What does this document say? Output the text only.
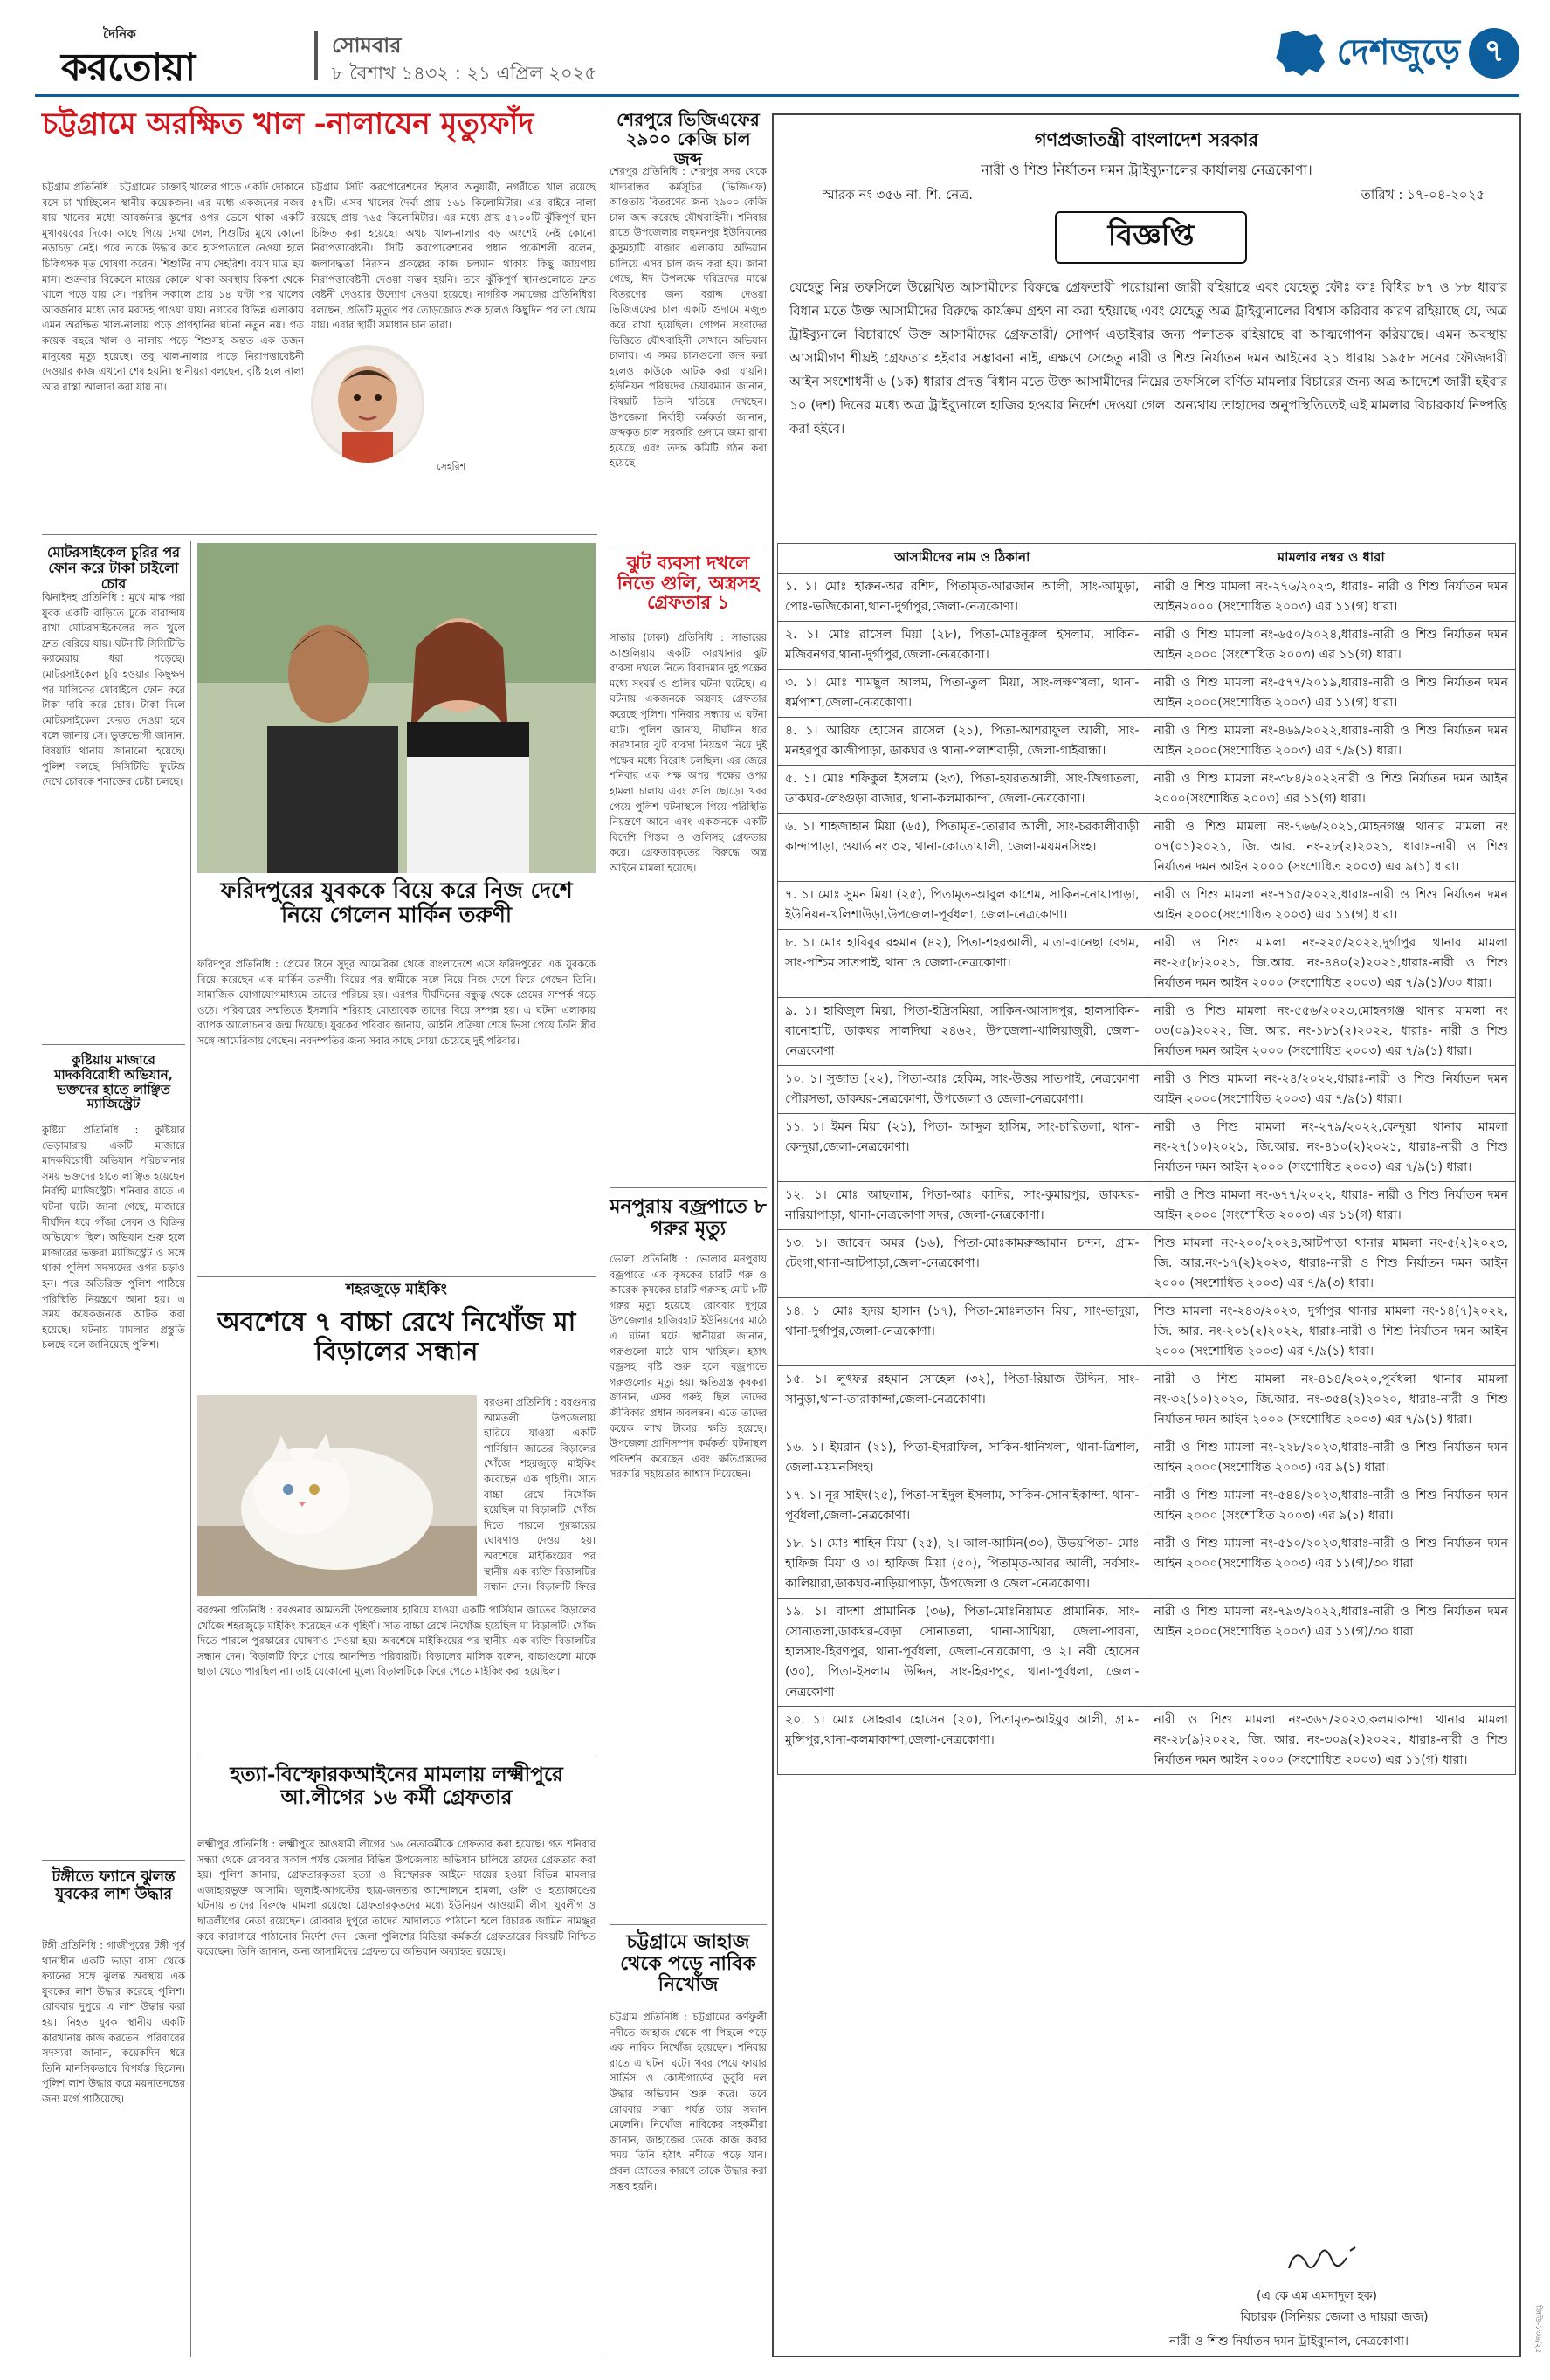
দৈনিক
করতোয়া	সোমবার
৮ বৈশাখ ১৪৩২ : ২১ এপ্রিল ২০২৫
দেশজুড়ে ৭
চট্টগ্রামে অরক্ষিত খাল -নালাযেন মৃত্যুফাঁদ
চট্টগ্রাম প্রতিনিধি : চট্টগ্রামের চাক্তাই খালের পাড়ে একটি দোকানে বসে চা খাচ্ছিলেন স্থানীয় কয়েকজন। এর মধ্যে একজনের নজর যায় খালের মধ্যে আবর্জনার স্তূপের ওপর ভেসে থাকা একটি মুখাবয়বের দিকে। কাছে গিয়ে দেখা গেল, শিশুটির মুখে কোনো নড়াচড়া নেই। পরে তাকে উদ্ধার করে হাসপাতালে নেওয়া হলে চিকিৎসক মৃত ঘোষণা করেন। শিশুটির নাম সেহরিশ। বয়স মাত্র ছয় মাস। শুক্রবার বিকেলে মায়ের কোলে থাকা অবস্থায় রিকশা থেকে খালে পড়ে যায় সে। পরদিন সকালে প্রায় ১৪ ঘণ্টা পর খালের আবর্জনার মধ্যে তার মরদেহ পাওয়া যায়। নগরের বিভিন্ন এলাকায় এমন অরক্ষিত খাল-নালায় পড়ে প্রাণহানির ঘটনা নতুন নয়। গত কয়েক বছরে খাল ও নালায় পড়ে শিশুসহ অন্তত এক ডজন মানুষের মৃত্যু হয়েছে। তবু খাল-নালার পাড়ে নিরাপত্তাবেষ্টনী দেওয়ার কাজ এখনো শেষ হয়নি। স্থানীয়রা বলছেন, বৃষ্টি হলে নালা আর রাস্তা আলাদা করা যায় না।
চট্টগ্রাম সিটি করপোরেশনের হিসাব অনুযায়ী, নগরীতে খাল রয়েছে ৫৭টি। এসব খালের দৈর্ঘ্য প্রায় ১৬১ কিলোমিটার। এর বাইরে নালা রয়েছে প্রায় ৭৬৫ কিলোমিটার। এর মধ্যে প্রায় ৫৭০০টি ঝুঁকিপূর্ণ স্থান চিহ্নিত করা হয়েছে। অথচ খাল-নালার বড় অংশেই নেই কোনো নিরাপত্তাবেষ্টনী। সিটি করপোরেশনের প্রধান প্রকৌশলী বলেন, জলাবদ্ধতা নিরসন প্রকল্পের কাজ চলমান থাকায় কিছু জায়গায় নিরাপত্তাবেষ্টনী দেওয়া সম্ভব হয়নি। তবে ঝুঁকিপূর্ণ স্থানগুলোতে দ্রুত বেষ্টনী দেওয়ার উদ্যোগ নেওয়া হয়েছে। নাগরিক সমাজের প্রতিনিধিরা বলছেন, প্রতিটি মৃত্যুর পর তোড়জোড় শুরু হলেও কিছুদিন পর তা থেমে যায়। এবার স্থায়ী সমাধান চান তারা।
সেহরিশ
শেরপুরে ভিজিএফের ২৯০০ কেজি চাল জব্দ
শেরপুর প্রতিনিধি : শেরপুর সদর থেকে খাদ্যবান্ধব কর্মসূচির (ভিজিএফ) আওতায় বিতরণের জন্য ২৯০০ কেজি চাল জব্দ করেছে যৌথবাহিনী। শনিবার রাতে উপজেলার লছমনপুর ইউনিয়নের কুসুমহাটি বাজার এলাকায় অভিযান চালিয়ে এসব চাল জব্দ করা হয়। জানা গেছে, ঈদ উপলক্ষে দরিদ্রদের মাঝে বিতরণের জন্য বরাদ্দ দেওয়া ভিজিএফের চাল একটি গুদামে মজুত করে রাখা হয়েছিল। গোপন সংবাদের ভিত্তিতে যৌথবাহিনী সেখানে অভিযান চালায়। এ সময় চালগুলো জব্দ করা হলেও কাউকে আটক করা যায়নি। ইউনিয়ন পরিষদের চেয়ারম্যান জানান, বিষয়টি তিনি খতিয়ে দেখছেন। উপজেলা নির্বাহী কর্মকর্তা জানান, জব্দকৃত চাল সরকারি গুদামে জমা রাখা হয়েছে এবং তদন্ত কমিটি গঠন করা হয়েছে।
মোটরসাইকেল চুরির পর ফোন করে টাকা চাইলো চোর
ঝিনাইদহ প্রতিনিধি : মুখে মাস্ক পরা যুবক একটি বাড়িতে ঢুকে বারান্দায় রাখা মোটরসাইকেলের লক খুলে দ্রুত বেরিয়ে যায়। ঘটনাটি সিসিটিভি ক্যামেরায় ধরা পড়েছে। মোটরসাইকেল চুরি হওয়ার কিছুক্ষণ পর মালিকের মোবাইলে ফোন করে টাকা দাবি করে চোর। টাকা দিলে মোটরসাইকেল ফেরত দেওয়া হবে বলে জানায় সে। ভুক্তভোগী জানান, বিষয়টি থানায় জানানো হয়েছে। পুলিশ বলছে, সিসিটিভি ফুটেজ দেখে চোরকে শনাক্তের চেষ্টা চলছে।
কুষ্টিয়ায় মাজারে মাদকবিরোধী অভিযান, ভক্তদের হাতে লাঞ্ছিত ম্যাজিস্ট্রেট
কুষ্টিয়া প্রতিনিধি : কুষ্টিয়ার ভেড়ামারায় একটি মাজারে মাদকবিরোধী অভিযান পরিচালনার সময় ভক্তদের হাতে লাঞ্ছিত হয়েছেন নির্বাহী ম্যাজিস্ট্রেট। শনিবার রাতে এ ঘটনা ঘটে। জানা গেছে, মাজারে দীর্ঘদিন ধরে গাঁজা সেবন ও বিক্রির অভিযোগ ছিল। অভিযান শুরু হলে মাজারের ভক্তরা ম্যাজিস্ট্রেট ও সঙ্গে থাকা পুলিশ সদস্যদের ওপর চড়াও হন। পরে অতিরিক্ত পুলিশ পাঠিয়ে পরিস্থিতি নিয়ন্ত্রণে আনা হয়। এ সময় কয়েকজনকে আটক করা হয়েছে। ঘটনায় মামলার প্রস্তুতি চলছে বলে জানিয়েছে পুলিশ।
টঙ্গীতে ফ্যানে ঝুলন্ত যুবকের লাশ উদ্ধার
টঙ্গী প্রতিনিধি : গাজীপুরের টঙ্গী পূর্ব থানাধীন একটি ভাড়া বাসা থেকে ফ্যানের সঙ্গে ঝুলন্ত অবস্থায় এক যুবকের লাশ উদ্ধার করেছে পুলিশ। রোববার দুপুরে এ লাশ উদ্ধার করা হয়। নিহত যুবক স্থানীয় একটি কারখানায় কাজ করতেন। পরিবারের সদস্যরা জানান, কয়েকদিন ধরে তিনি মানসিকভাবে বিপর্যস্ত ছিলেন। পুলিশ লাশ উদ্ধার করে ময়নাতদন্তের জন্য মর্গে পাঠিয়েছে।
ফরিদপুরের যুবককে বিয়ে করে নিজ দেশে নিয়ে গেলেন মার্কিন তরুণী
ফরিদপুর প্রতিনিধি : প্রেমের টানে সুদূর আমেরিকা থেকে বাংলাদেশে এসে ফরিদপুরের এক যুবককে বিয়ে করেছেন এক মার্কিন তরুণী। বিয়ের পর স্বামীকে সঙ্গে নিয়ে নিজ দেশে ফিরে গেছেন তিনি। সামাজিক যোগাযোগমাধ্যমে তাদের পরিচয় হয়। এরপর দীর্ঘদিনের বন্ধুত্ব থেকে প্রেমের সম্পর্ক গড়ে ওঠে। পরিবারের সম্মতিতে ইসলামি শরিয়াহ মোতাবেক তাদের বিয়ে সম্পন্ন হয়। এ ঘটনা এলাকায় ব্যাপক আলোচনার জন্ম দিয়েছে। যুবকের পরিবার জানায়, আইনি প্রক্রিয়া শেষে ভিসা পেয়ে তিনি স্ত্রীর সঙ্গে আমেরিকায় গেছেন। নবদম্পতির জন্য সবার কাছে দোয়া চেয়েছে দুই পরিবার।
শহরজুড়ে মাইকিং
অবশেষে ৭ বাচ্চা রেখে নিখোঁজ মা বিড়ালের সন্ধান
বরগুনা প্রতিনিধি : বরগুনার আমতলী উপজেলায় হারিয়ে যাওয়া একটি পার্সিয়ান জাতের বিড়ালের খোঁজে শহরজুড়ে মাইকিং করেছেন এক গৃহিণী। সাত বাচ্চা রেখে নিখোঁজ হয়েছিল মা বিড়ালটি। খোঁজ দিতে পারলে পুরস্কারের ঘোষণাও দেওয়া হয়। অবশেষে মাইকিংয়ের পর স্থানীয় এক ব্যক্তি বিড়ালটির সন্ধান দেন। বিড়ালটি ফিরে
বরগুনা প্রতিনিধি : বরগুনার আমতলী উপজেলায় হারিয়ে যাওয়া একটি পার্সিয়ান জাতের বিড়ালের খোঁজে শহরজুড়ে মাইকিং করেছেন এক গৃহিণী। সাত বাচ্চা রেখে নিখোঁজ হয়েছিল মা বিড়ালটি। খোঁজ দিতে পারলে পুরস্কারের ঘোষণাও দেওয়া হয়। অবশেষে মাইকিংয়ের পর স্থানীয় এক ব্যক্তি বিড়ালটির সন্ধান দেন। বিড়ালটি ফিরে পেয়ে আনন্দিত পরিবারটি। বিড়ালের মালিক বলেন, বাচ্চাগুলো মাকে ছাড়া খেতে পারছিল না। তাই যেকোনো মূল্যে বিড়ালটিকে ফিরে পেতে মাইকিং করা হয়েছিল।
হত্যা-বিস্ফোরকআইনের মামলায় লক্ষ্মীপুরে আ.লীগের ১৬ কর্মী গ্রেফতার
লক্ষ্মীপুর প্রতিনিধি : লক্ষ্মীপুরে আওয়ামী লীগের ১৬ নেতাকর্মীকে গ্রেফতার করা হয়েছে। গত শনিবার সন্ধ্যা থেকে রোববার সকাল পর্যন্ত জেলার বিভিন্ন উপজেলায় অভিযান চালিয়ে তাদের গ্রেফতার করা হয়। পুলিশ জানায়, গ্রেফতারকৃতরা হত্যা ও বিস্ফোরক আইনে দায়ের হওয়া বিভিন্ন মামলার এজাহারভুক্ত আসামি। জুলাই-আগস্টের ছাত্র-জনতার আন্দোলনে হামলা, গুলি ও হত্যাকাণ্ডের ঘটনায় তাদের বিরুদ্ধে মামলা রয়েছে। গ্রেফতারকৃতদের মধ্যে ইউনিয়ন আওয়ামী লীগ, যুবলীগ ও ছাত্রলীগের নেতা রয়েছেন। রোববার দুপুরে তাদের আদালতে পাঠানো হলে বিচারক জামিন নামঞ্জুর করে কারাগারে পাঠানোর নির্দেশ দেন। জেলা পুলিশের মিডিয়া কর্মকর্তা গ্রেফতারের বিষয়টি নিশ্চিত করেছেন। তিনি জানান, অন্য আসামিদের গ্রেফতারে অভিযান অব্যাহত রয়েছে।
ঝুট ব্যবসা দখলে নিতে গুলি, অস্ত্রসহ গ্রেফতার ১
সাভার (ঢাকা) প্রতিনিধি : সাভারের আশুলিয়ায় একটি কারখানার ঝুট ব্যবসা দখলে নিতে বিবাদমান দুই পক্ষের মধ্যে সংঘর্ষ ও গুলির ঘটনা ঘটেছে। এ ঘটনায় একজনকে অস্ত্রসহ গ্রেফতার করেছে পুলিশ। শনিবার সন্ধ্যায় এ ঘটনা ঘটে। পুলিশ জানায়, দীর্ঘদিন ধরে কারখানার ঝুট ব্যবসা নিয়ন্ত্রণ নিয়ে দুই পক্ষের মধ্যে বিরোধ চলছিল। এর জেরে শনিবার এক পক্ষ অপর পক্ষের ওপর হামলা চালায় এবং গুলি ছোড়ে। খবর পেয়ে পুলিশ ঘটনাস্থলে গিয়ে পরিস্থিতি নিয়ন্ত্রণে আনে এবং একজনকে একটি বিদেশি পিস্তল ও গুলিসহ গ্রেফতার করে। গ্রেফতারকৃতের বিরুদ্ধে অস্ত্র আইনে মামলা হয়েছে।
মনপুরায় বজ্রপাতে ৮ গরুর মৃত্যু
ভোলা প্রতিনিধি : ভোলার মনপুরায় বজ্রপাতে এক কৃষকের চারটি গরু ও আরেক কৃষকের চারটি গরুসহ মোট ৮টি গরুর মৃত্যু হয়েছে। রোববার দুপুরে উপজেলার হাজিরহাট ইউনিয়নের মাঠে এ ঘটনা ঘটে। স্থানীয়রা জানান, গরুগুলো মাঠে ঘাস খাচ্ছিল। হঠাৎ বজ্রসহ বৃষ্টি শুরু হলে বজ্রপাতে গরুগুলোর মৃত্যু হয়। ক্ষতিগ্রস্ত কৃষকরা জানান, এসব গরুই ছিল তাদের জীবিকার প্রধান অবলম্বন। এতে তাদের কয়েক লাখ টাকার ক্ষতি হয়েছে। উপজেলা প্রাণিসম্পদ কর্মকর্তা ঘটনাস্থল পরিদর্শন করেছেন এবং ক্ষতিগ্রস্তদের সরকারি সহায়তার আশ্বাস দিয়েছেন।
চট্টগ্রামে জাহাজ থেকে পড়ে নাবিক নিখোঁজ
চট্টগ্রাম প্রতিনিধি : চট্টগ্রামের কর্ণফুলী নদীতে জাহাজ থেকে পা পিছলে পড়ে এক নাবিক নিখোঁজ হয়েছেন। শনিবার রাতে এ ঘটনা ঘটে। খবর পেয়ে ফায়ার সার্ভিস ও কোস্টগার্ডের ডুবুরি দল উদ্ধার অভিযান শুরু করে। তবে রোববার সন্ধ্যা পর্যন্ত তার সন্ধান মেলেনি। নিখোঁজ নাবিকের সহকর্মীরা জানান, জাহাজের ডেকে কাজ করার সময় তিনি হঠাৎ নদীতে পড়ে যান। প্রবল স্রোতের কারণে তাকে উদ্ধার করা সম্ভব হয়নি।
গণপ্রজাতন্ত্রী বাংলাদেশ সরকার
নারী ও শিশু নির্যাতন দমন ট্রাইব্যুনালের কার্যালয় নেত্রকোণা।
স্মারক নং ৩৫৬ না. শি. নেত্র.	তারিখ : ১৭-০৪-২০২৫
বিজ্ঞপ্তি
যেহেতু নিম্ন তফসিলে উল্লেখিত আসামীদের বিরুদ্ধে গ্রেফতারী পরোয়ানা জারী রহিয়াছে এবং যেহেতু ফৌঃ কাঃ বিধির ৮৭ ও ৮৮ ধারার বিধান মতে উক্ত আসামীদের বিরুদ্ধে কার্যক্রম গ্রহণ না করা হইয়াছে এবং যেহেতু অত্র ট্রাইব্যুনালের বিশ্বাস করিবার কারণ রহিয়াছে যে, অত্র ট্রাইব্যুনালে বিচারার্থে উক্ত আসামীদের গ্রেফতারী/ সোপর্দ এড়াইবার জন্য পলাতক রহিয়াছে বা আত্মগোপন করিয়াছে। এমন অবস্থায় আসামীগণ শীঘ্রই গ্রেফতার হইবার সম্ভাবনা নাই, এক্ষণে সেহেতু নারী ও শিশু নির্যাতন দমন আইনের ২১ ধারায় ১৯৫৮ সনের ফৌজদারী আইন সংশোধনী ৬ (১ক) ধারার প্রদত্ত বিধান মতে উক্ত আসামীদের নিম্নের তফসিলে বর্ণিত মামলার বিচারের জন্য অত্র আদেশে জারী হইবার ১০ (দশ) দিনের মধ্যে অত্র ট্রাইব্যুনালে হাজির হওয়ার নির্দেশ দেওয়া গেল। অন্যথায় তাহাদের অনুপস্থিতিতেই এই মামলার বিচারকার্য নিষ্পত্তি করা হইবে।
আসামীদের নাম ও ঠিকানা	মামলার নম্বর ও ধারা
১. ১। মোঃ হারুন-অর রশিদ, পিতামৃত-আরজান আলী, সাং-আমুড়া, পোঃ-ভজিকোনা,থানা-দুর্গাপুর,জেলা-নেত্রকোণা।	নারী ও শিশু মামলা নং-২৭৬/২০২৩, ধারাঃ- নারী ও শিশু নির্যাতন দমন আইন২০০০ (সংশোধিত ২০০৩) এর ১১(গ) ধারা।
২. ১। মোঃ রাসেল মিয়া (২৮), পিতা-মোঃনূরুল ইসলাম, সাকিন-মজিবনগর,থানা-দুর্গাপুর,জেলা-নেত্রকোণা।	নারী ও শিশু মামলা নং-৬৫০/২০২৪,ধারাঃ-নারী ও শিশু নির্যাতন দমন আইন ২০০০ (সংশোধিত ২০০৩) এর ১১(গ) ধারা।
৩. ১। মোঃ শামছুল আলম, পিতা-তুলা মিয়া, সাং-লক্ষণখলা, থানা-ধর্মপাশা,জেলা-নেত্রকোণা।	নারী ও শিশু মামলা নং-৫৭৭/২০১৯,ধারাঃ-নারী ও শিশু নির্যাতন দমন আইন ২০০০(সংশোধিত ২০০৩) এর ১১(গ) ধারা।
৪. ১। আরিফ হোসেন রাসেল (২১), পিতা-আশরাফুল আলী, সাং-মনহরপুর কাজীপাড়া, ডাকঘর ও থানা-পলাশবাড়ী, জেলা-গাইবান্ধা।	নারী ও শিশু মামলা নং-৪৬৯/২০২২,ধারাঃ-নারী ও শিশু নির্যাতন দমন আইন ২০০০(সংশোধিত ২০০৩) এর ৭/৯(১) ধারা।
৫. ১। মোঃ শফিকুল ইসলাম (২৩), পিতা-হযরতআলী, সাং-জিগাতলা, ডাকঘর-লেংগুড়া বাজার, থানা-কলমাকান্দা, জেলা-নেত্রকোণা।	নারী ও শিশু মামলা নং-৩৮৪/২০২২নারী ও শিশু নির্যাতন দমন আইন ২০০০(সংশোধিত ২০০৩) এর ১১(গ) ধারা।
৬. ১। শাহজাহান মিয়া (৬৫), পিতামৃত-তোরাব আলী, সাং-চরকালীবাড়ী কান্দাপাড়া, ওয়ার্ড নং ৩২, থানা-কোতোয়ালী, জেলা-ময়মনসিংহ।	নারী ও শিশু মামলা নং-৭৬৬/২০২১,মোহনগঞ্জ থানার মামলা নং ০৭(০১)২০২১, জি. আর. নং-২৮(২)২০২১, ধারাঃ-নারী ও শিশু নির্যাতন দমন আইন ২০০০ (সংশোধিত ২০০৩) এর ৯(১) ধারা।
৭. ১। মোঃ সুমন মিয়া (২৫), পিতামৃত-আবুল কাশেম, সাকিন-নোয়াপাড়া, ইউনিয়ন-খলিশাউড়া,উপজেলা-পূর্বধলা, জেলা-নেত্রকোণা।	নারী ও শিশু মামলা নং-৭১৫/২০২২,ধারাঃ-নারী ও শিশু নির্যাতন দমন আইন ২০০০(সংশোধিত ২০০৩) এর ১১(গ) ধারা।
৮. ১। মোঃ হাবিবুর রহমান (৪২), পিতা-শহরআলী, মাতা-বানেছা বেগম, সাং-পশ্চিম সাতপাই, থানা ও জেলা-নেত্রকোণা।	নারী ও শিশু মামলা নং-২২৫/২০২২,দুর্গাপুর থানার মামলা নং-২৫(৮)২০২১, জি.আর. নং-৪৪০(২)২০২১,ধারাঃ-নারী ও শিশু নির্যাতন দমন আইন ২০০০ (সংশোধিত ২০০৩) এর ৭/৯(১)/৩০ ধারা।
৯. ১। হাবিজুল মিয়া, পিতা-ইদ্রিসমিয়া, সাকিন-আসাদপুর, হালসাকিন-বানোহাটি, ডাকঘর সালদিঘা ২৪৬২, উপজেলা-খালিয়াজুরী, জেলা-নেত্রকোণা।	নারী ও শিশু মামলা নং-৫৫৬/২০২৩,মোহনগঞ্জ থানার মামলা নং ০৩(০৯)২০২২, জি. আর. নং-১৮১(২)২০২২, ধারাঃ- নারী ও শিশু নির্যাতন দমন আইন ২০০০ (সংশোধিত ২০০৩) এর ৭/৯(১) ধারা।
১০. ১। সুজাত (২২), পিতা-আঃ হেকিম, সাং-উত্তর সাতপাই, নেত্রকোণা পৌরসভা, ডাকঘর-নেত্রকোণা, উপজেলা ও জেলা-নেত্রকোণা।	নারী ও শিশু মামলা নং-২৪/২০২২,ধারাঃ-নারী ও শিশু নির্যাতন দমন আইন ২০০০(সংশোধিত ২০০৩) এর ৭/৯(১) ধারা।
১১. ১। ইমন মিয়া (২১), পিতা- আব্দুল হাসিম, সাং-চারিতলা, থানা-কেন্দুয়া,জেলা-নেত্রকোণা।	নারী ও শিশু মামলা নং-২৭৯/২০২২,কেন্দুয়া থানার মামলা নং-২৭(১০)২০২১, জি.আর. নং-৪১০(২)২০২১, ধারাঃ-নারী ও শিশু নির্যাতন দমন আইন ২০০০ (সংশোধিত ২০০৩) এর ৭/৯(১) ধারা।
১২. ১। মোঃ আছলাম, পিতা-আঃ কাদির, সাং-কুমারপুর, ডাকঘর-নারিয়াপাড়া, থানা-নেত্রকোণা সদর, জেলা-নেত্রকোণা।	নারী ও শিশু মামলা নং-৬৭৭/২০২২, ধারাঃ- নারী ও শিশু নির্যাতন দমন আইন ২০০০ (সংশোধিত ২০০৩) এর ১১(গ) ধারা।
১৩. ১। জাবেদ অমর (১৬), পিতা-মোঃকামরুজ্জামান চন্দন, গ্রাম-টেংগা,থানা-আটপাড়া,জেলা-নেত্রকোণা।	শিশু মামলা নং-২০০/২০২৪,আটপাড়া থানার মামলা নং-৫(২)২০২৩, জি. আর.নং-১৭(২)২০২৩, ধারাঃ-নারী ও শিশু নির্যাতন দমন আইন ২০০০ (সংশোধিত ২০০৩) এর ৭/৯(৩) ধারা।
১৪. ১। মোঃ হৃদয় হাসান (১৭), পিতা-মোঃলতান মিয়া, সাং-ভাদুয়া, থানা-দুর্গাপুর,জেলা-নেত্রকোণা।	শিশু মামলা নং-২৪৩/২০২৩, দুর্গাপুর থানার মামলা নং-১৪(৭)২০২২, জি. আর. নং-২০১(২)২০২২, ধারাঃ-নারী ও শিশু নির্যাতন দমন আইন ২০০০ (সংশোধিত ২০০৩) এর ৭/৯(১) ধারা।
১৫. ১। লুৎফর রহমান সোহেল (৩২), পিতা-রিয়াজ উদ্দিন, সাং-সানুড়া,থানা-তারাকান্দা,জেলা-নেত্রকোণা।	নারী ও শিশু মামলা নং-৪১৪/২০২০,পূর্বধলা থানার মামলা নং-৩২(১০)২০২০, জি.আর. নং-৩৫৪(২)২০২০, ধারাঃ-নারী ও শিশু নির্যাতন দমন আইন ২০০০ (সংশোধিত ২০০৩) এর ৭/৯(১) ধারা।
১৬. ১। ইমরান (২১), পিতা-ইসরাফিল, সাকিন-ধানিখলা, থানা-ত্রিশাল, জেলা-ময়মনসিংহ।	নারী ও শিশু মামলা নং-২২৮/২০২৩,ধারাঃ-নারী ও শিশু নির্যাতন দমন আইন ২০০০(সংশোধিত ২০০৩) এর ৯(১) ধারা।
১৭. ১। নূর সাইদ(২৫), পিতা-সাইদুল ইসলাম, সাকিন-সোনাইকান্দা, থানা-পূর্বধলা,জেলা-নেত্রকোণা।	নারী ও শিশু মামলা নং-৫৪৪/২০২৩,ধারাঃ-নারী ও শিশু নির্যাতন দমন আইন ২০০০ (সংশোধিত ২০০৩) এর ৯(১) ধারা।
১৮. ১। মোঃ শাহিন মিয়া (২৫), ২। আল-আমিন(৩০), উভয়পিতা- মোঃ হাফিজ মিয়া ও ৩। হাফিজ মিয়া (৫০), পিতামৃত-আবর আলী, সর্বসাং-কালিয়ারা,ডাকঘর-নাড়িয়াপাড়া, উপজেলা ও জেলা-নেত্রকোণা।	নারী ও শিশু মামলা নং-৫১০/২০২৩,ধারাঃ-নারী ও শিশু নির্যাতন দমন আইন ২০০০(সংশোধিত ২০০৩) এর ১১(গ)/৩০ ধারা।
১৯. ১। বাদশা প্রামানিক (৩৬), পিতা-মোঃনিয়ামত প্রামানিক, সাং-সোনাতলা,ডাকঘর-বেড়া সোনাতলা, থানা-সাথিয়া, জেলা-পাবনা, হালসাং-হিরণপুর, থানা-পূর্বধলা, জেলা-নেত্রকোণা, ও ২। নবী হোসেন (৩০), পিতা-ইসলাম উদ্দিন, সাং-হিরণপুর, থানা-পূর্বধলা, জেলা-নেত্রকোণা।	নারী ও শিশু মামলা নং-৭৯৩/২০২২,ধারাঃ-নারী ও শিশু নির্যাতন দমন আইন ২০০০(সংশোধিত ২০০৩) এর ১১(গ)/৩০ ধারা।
২০. ১। মোঃ সোহরাব হোসেন (২০), পিতামৃত-আইয়ুব আলী, গ্রাম-মুন্সিপুর,থানা-কলমাকান্দা,জেলা-নেত্রকোণা।	নারী ও শিশু মামলা নং-৩৬৭/২০২৩,কলমাকান্দা থানার মামলা নং-২৮(৯)২০২২, জি. আর. নং-৩০৯(২)২০২২, ধারাঃ-নারী ও শিশু নির্যাতন দমন আইন ২০০০ (সংশোধিত ২০০৩) এর ১১(গ) ধারা।
(এ কে এম এমদাদুল হক)
বিচারক (সিনিয়র জেলা ও দায়রা জজ)
নারী ও শিশু নির্যাতন দমন ট্রাইব্যুনাল, নেত্রকোণা।	জিডি-১৩৬/২৫
